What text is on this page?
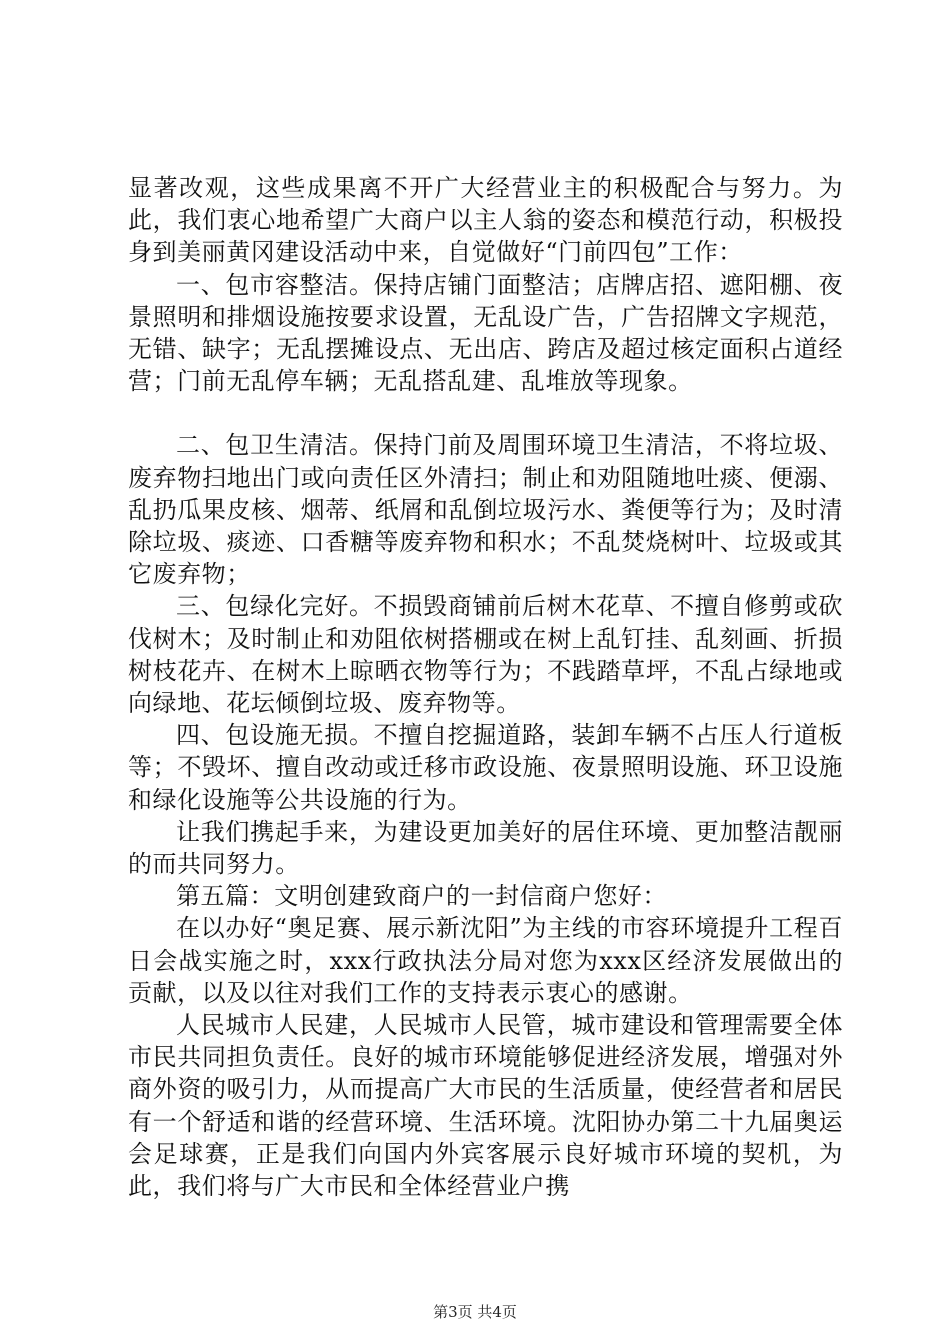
显著改观，这些成果离不开广大经营业主的积极配合与努力。为此，我们衷心地希望广大商户以主人翁的姿态和模范行动，积极投身到美丽黄冈建设活动中来，自觉做好“门前四包”工作：

一、包市容整洁。保持店铺门面整洁；店牌店招、遮阳棚、夜景照明和排烟设施按要求设置，无乱设广告，广告招牌文字规范，无错、缺字；无乱摆摊设点、无出店、跨店及超过核定面积占道经营；门前无乱停车辆；无乱搭乱建、乱堆放等现象。

二、包卫生清洁。保持门前及周围环境卫生清洁，不将垃圾、废弃物扫地出门或向责任区外清扫；制止和劝阻随地吐痰、便溺、乱扔瓜果皮核、烟蒂、纸屑和乱倒垃圾污水、粪便等行为；及时清除垃圾、痰迹、口香糖等废弃物和积水；不乱焚烧树叶、垃圾或其它废弃物；

三、包绿化完好。不损毁商铺前后树木花草、不擅自修剪或砍伐树木；及时制止和劝阻依树搭棚或在树上乱钉挂、乱刻画、折损树枝花卉、在树木上晾晒衣物等行为；不践踏草坪，不乱占绿地或向绿地、花坛倾倒垃圾、废弃物等。

四、包设施无损。不擅自挖掘道路，装卸车辆不占压人行道板等；不毁坏、擅自改动或迁移市政设施、夜景照明设施、环卫设施和绿化设施等公共设施的行为。

让我们携起手来，为建设更加美好的居住环境、更加整洁靓丽的而共同努力。

第五篇：文明创建致商户的一封信商户您好：

在以办好“奥足赛、展示新沈阳”为主线的市容环境提升工程百日会战实施之时，xxx行政执法分局对您为xxx区经济发展做出的贡献，以及以往对我们工作的支持表示衷心的感谢。

人民城市人民建，人民城市人民管，城市建设和管理需要全体市民共同担负责任。良好的城市环境能够促进经济发展，增强对外商外资的吸引力，从而提高广大市民的生活质量，使经营者和居民有一个舒适和谐的经营环境、生活环境。沈阳协办第二十九届奥运会足球赛，正是我们向国内外宾客展示良好城市环境的契机，为此，我们将与广大市民和全体经营业户携

第3页 共4页
